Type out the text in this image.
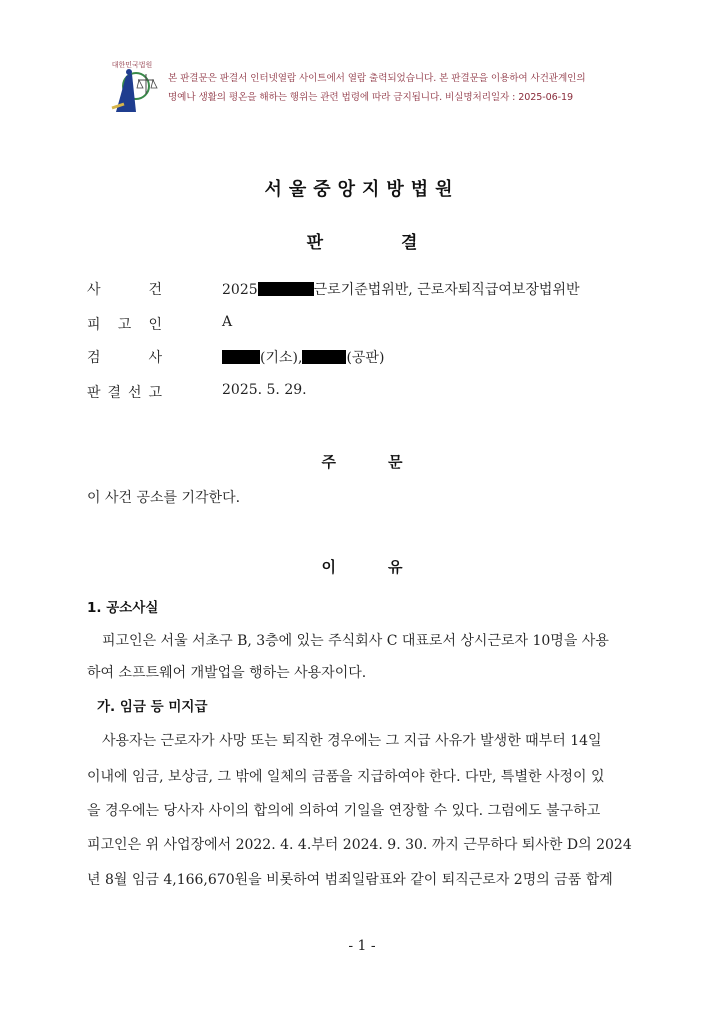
대한민국법원
본 판결문은 판결서 인터넷열람 사이트에서 열람 출력되었습니다. 본 판결문을 이용하여 사건관계인의
명예나 생활의 평온을 해하는 행위는 관련 법령에 따라 금지됩니다. 비실명처리일자 : 2025-06-19
서울중앙지방법원
판	결
사	건	2025	근로기준법위반, 근로자퇴직급여보장법위반
피 고 인	A
검	사	(기소),	(공판)
판 결 선 고	2025. 5. 29.
주	문
이 사건 공소를 기각한다.
이	유
1. 공소사실
피고인은 서울 서초구 B, 3층에 있는 주식회사 C 대표로서 상시근로자 10명을 사용
하여 소프트웨어 개발업을 행하는 사용자이다.
가. 임금 등 미지급
사용자는 근로자가 사망 또는 퇴직한 경우에는 그 지급 사유가 발생한 때부터 14일
이내에 임금, 보상금, 그 밖에 일체의 금품을 지급하여야 한다. 다만, 특별한 사정이 있
을 경우에는 당사자 사이의 합의에 의하여 기일을 연장할 수 있다. 그럼에도 불구하고
피고인은 위 사업장에서 2022. 4. 4.부터 2024. 9. 30. 까지 근무하다 퇴사한 D의 2024
년 8월 임금 4,166,670원을 비롯하여 범죄일람표와 같이 퇴직근로자 2명의 금품 합계
- 1 -
